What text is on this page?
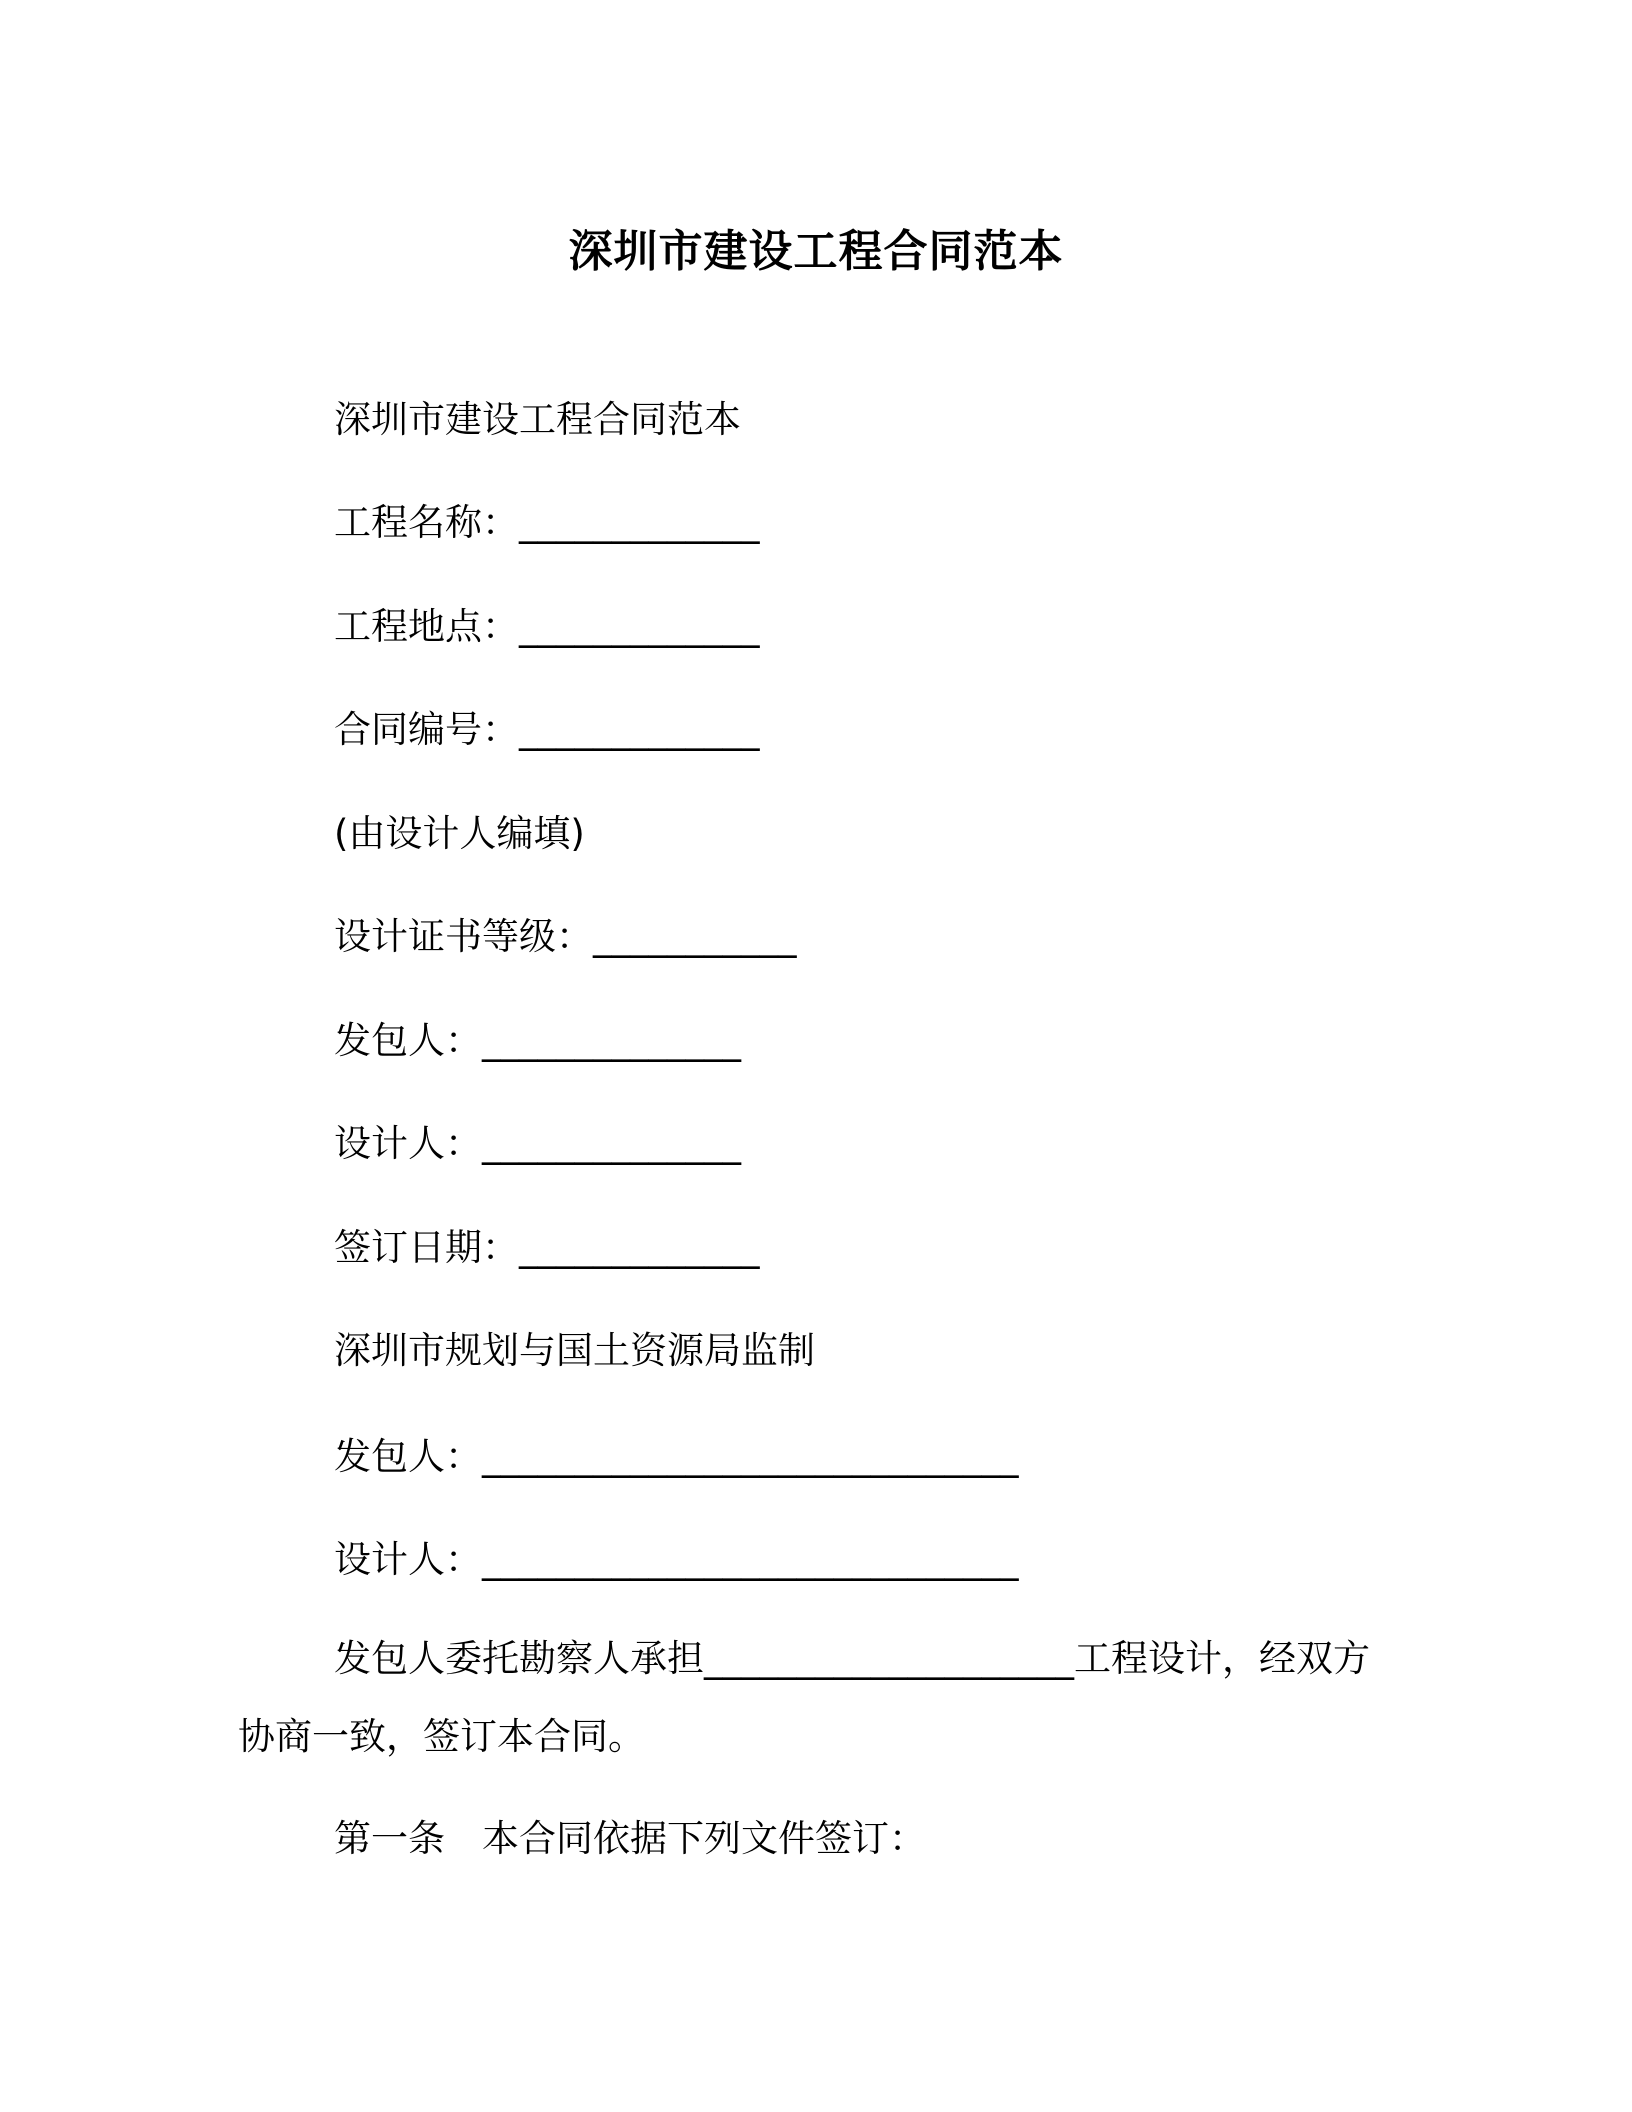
深圳市建设工程合同范本

深圳市建设工程合同范本

工程名称：_____________

工程地点：_____________

合同编号：_____________

(由设计人编填)

设计证书等级：___________

发包人：______________

设计人：______________

签订日期：_____________

深圳市规划与国土资源局监制

发包人：_____________________________

设计人：_____________________________

发包人委托勘察人承担____________________工程设计，经双方协商一致，签订本合同。

第一条　本合同依据下列文件签订：
